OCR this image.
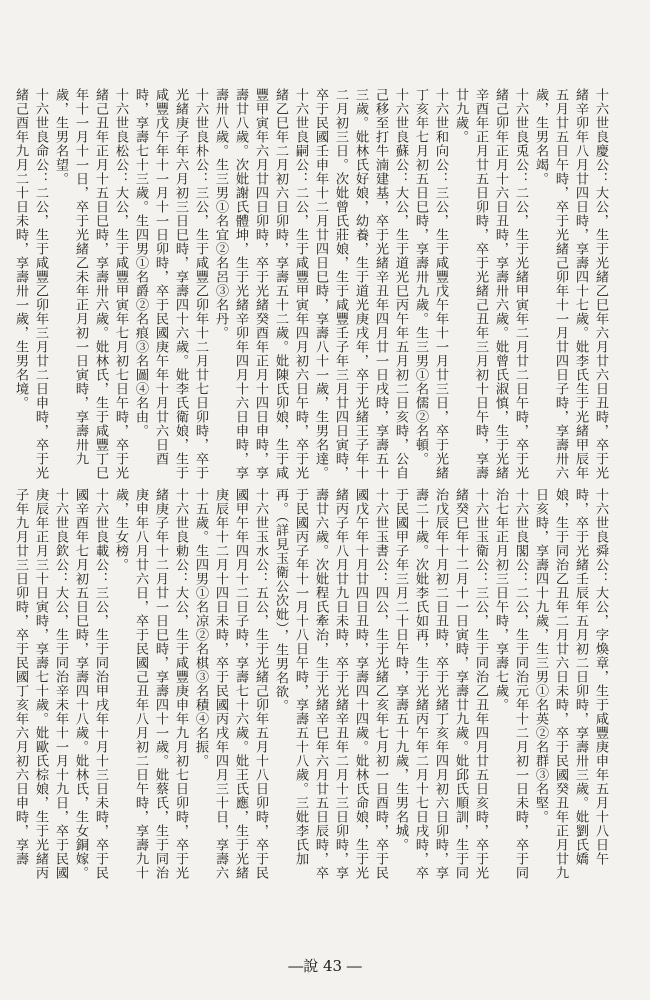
十六世良慶公：大公，生于光緒乙巳年六月廿六日丑時，卒于光緒辛卯年八月廿四日時，享壽四十七歲。妣李氏生于光緒甲辰年五月廿五日午時，卒于光緒己卯年十一月廿四日子時，享壽卅六歲，生男名竭。
十六世良兎公：二公，生于光緒甲寅年二月廿二日午時，卒于光緒己卯年正月十六日丑時，享壽卅六歲。妣曾氏淑慎，生于光緒辛酉年正月廿五日卯時，卒于光緒己丑年三月初十日午時，享壽廿九歲。
十六世和向公：三公，生于咸豐戊午年十一月廿三日，卒于光緒丁亥年七月初五日巳時，享壽卅九歲。生三男①名儒②名頓。
十六世良蘇公：大公，生于道光巳丙午年五月初二日亥時，公自己移至打牛湳建基，卒于光緒辛丑年四月廿一日戌時，享壽五十三歲。妣林氏好娘，幼養，生于道光庚戌年，卒于光緒王子年十二月初三日。次妣曾氏莊娘，生于咸豐壬子年三月廿四日寅時，卒于民國壬申年十二月廿四日巳時，享壽八十一歲，生男名達。
十六世良嗣公：二公，生于咸豐甲寅年四月初六日午時，卒于光緒乙巳年二月初六日卯時，享壽五十二歲。妣陳氏卯娘，生于咸豐甲寅年六月廿四日卯時，卒于光緒癸酉年正月十四日申時，享壽廿八歲。次妣謝氏體坤，生于光緒辛卯年四月十六日申時，享壽卅八歲。生三男①名宜②名呂③名丹。
十六世良朴公：三公，生于咸豐乙卯年十二月廿七日卯時，卒于光緒庚子年六月初三日巳時，享壽四十六歲。妣李氏衛娘，生于咸豐戊午年十一月十一日卯時，卒于民國庚午年十月廿六日酉時，享壽七十三歲。生四男①名爵②名痕③名圖④名由。
十六世良松公：大公，生于咸豐甲寅年七月初七日午時，卒于光緒己丑年正月十五日巳時，享壽卅六歲。妣林氏，生于咸豐丁巳年十一月十一日，卒于光緒乙未年正月初一日寅時，享壽卅九歲，生男名望。
十六世良命公：二公，生于咸豐乙卯年三月廿二日申時，卒于光緒己酉年九月二十日未時，享壽卅一歲，生男名境。
十六世良舜公：大公，字煥章，生于咸豐庚申年五月十八日午時，卒于光緒壬辰年五月初二日卯時，享壽卅三歲。妣劉氏嬌娘，生于同治乙丑年二月廿六日未時，卒于民國癸丑年正月廿九日亥時，享壽四十九歲，生三男①名英②名群③名堅。
十六世良閣公：二公，生于同治元年十二月初一日未時，卒于同治七年正月初三日午時，享壽七歲。
十六世玉衛公：三公，生于同治乙丑年四月廿五日亥時，卒于光緒癸巳年十二月十一日寅時，享壽廿九歲。妣邱氏順訓，生于同治戊辰年十月初二日丑時，卒于光緒丁亥年四月初六日卯時，享壽二十歲。次妣李氏如再，生于光緒丙午年二月十七日戌時，卒于民國甲子年三月二十日午時，享壽五十九歲，生男名城。
十六世玉書公：四公，生于光緒乙亥年七月初一日酉時，卒于民國戊午年十月廿四日丑時，享壽四十四歲。妣林氏命娘，生于光緒丙子年八月廿九日未時，卒于光緒辛丑年二月十三日卯時，享壽廿六歲。次妣程氏牽治，生于光緒辛巳年六月廿五日辰時，卒于民國丙子年十一月十八日午時，享壽五十八歲。三妣李氏加再。（詳見玉衛公次妣），生男名欲。
十六世玉水公：五公，生于光緒己卯年五月十八日卯時，卒于民國甲午年四月十二日子時，享壽七十六歲。妣王氏應，生于光緒庚辰年十二月十四日未時，卒于民國丙戌年四月三十日，享壽六十五歲。生四男①名凉②名棋③名積④名振。
十六世良勅公：大公，生于咸豐庚申年九月初七日卯時，卒于光緒庚子年十二月廿一日巳時，享壽四十一歲。妣蔡氏，生于同治庚申年八月廿六日，卒于民國己丑年八月初二日午時，享壽九十歲，生女榜。
十六世良載公：三公，生于同治甲戌年十月十三日未時，卒于民國辛酉年七月初五日巳時，享壽四十八歲。妣林氏，生女銅嫁。
十六世良欽公：大公，生于同治辛未年十一月十九日，卒于民國庚辰年正月三十日寅時，享壽七十歲。妣歐氏棕娘，生于光緒丙子年九月廿三日卯時，卒于民國丁亥年六月初六日申時，享壽
―說 43 ―
